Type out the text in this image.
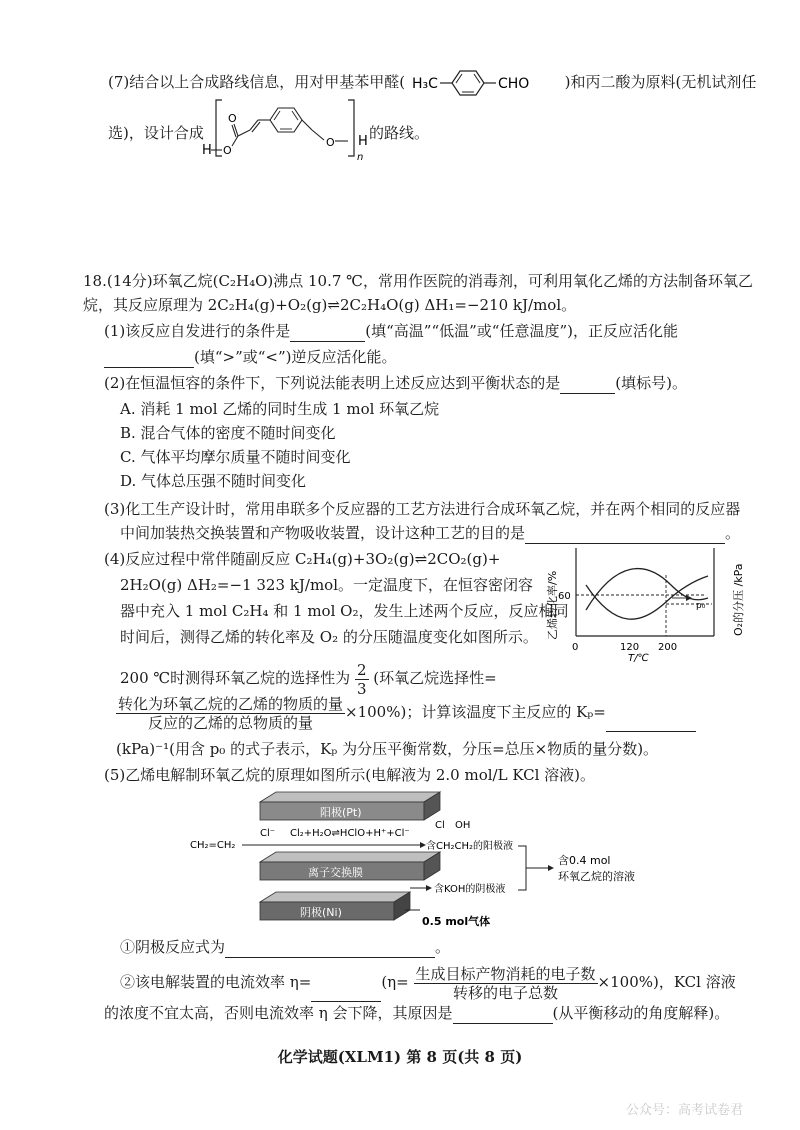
(7)结合以上合成路线信息，用对甲基苯甲醛( H₃C	CHO )和丙二酸为原料(无机试剂任
选)，设计合成
n
H O
O
O H 的路线。
18.(14分)环氧乙烷(C₂H₄O)沸点 10.7 ℃，常用作医院的消毒剂，可利用氧化乙烯的方法制备环氧乙
烷，其反应原理为 2C₂H₄(g)+O₂(g)⇌2C₂H₄O(g) ΔH₁=−210 kJ/mol。
(1)该反应自发进行的条件是	(填“高温”“低温”或“任意温度”)，正反应活化能
(填“>”或“<”)逆反应活化能。
(2)在恒温恒容的条件下，下列说法能表明上述反应达到平衡状态的是	(填标号)。
A. 消耗 1 mol 乙烯的同时生成 1 mol 环氧乙烷
B. 混合气体的密度不随时间变化
C. 气体平均摩尔质量不随时间变化
D. 气体总压强不随时间变化
(3)化工生产设计时，常用串联多个反应器的工艺方法进行合成环氧乙烷，并在两个相同的反应器
中间加装热交换装置和产物吸收装置，设计这种工艺的目的是	。
(4)反应过程中常伴随副反应 C₂H₄(g)+3O₂(g)⇌2CO₂(g)+
2H₂O(g) ΔH₂=−1 323 kJ/mol。一定温度下，在恒容密闭容
器中充入 1 mol C₂H₄ 和 1 mol O₂，发生上述两个反应，反应相同
时间后，测得乙烯的转化率及 O₂ 的分压随温度变化如图所示。
200 ℃时测得环氧乙烷的选择性为 $\frac{2}{3}$ (环氧乙烷选择性=
$\frac{\text{转化为环氧乙烷的乙烯的物质的量}}{\text{反应的乙烯的总物质的量}} \times 100\%$)；计算该温度下主反应的 Kₚ=
(kPa)⁻¹(用含 p₀ 的式子表示，Kₚ 为分压平衡常数，分压=总压×物质的量分数)。
乙烯转化率/%	O₂的分压 /kPa
60
p₀
0	120 200
T/℃
(5)乙烯电解制环氧乙烷的原理如图所示(电解液为 2.0 mol/L KCl 溶液)。
阳极(Pt)
Cl⁻ Cl₂+H₂O⇌HClO+H⁺+Cl⁻
Cl OH
CH₂=CH₂	含CH₂CH₂的阳极液
离子交换膜
含KOH的阴极液
阴极(Ni)
0.5 mol气体
含0.4 mol
环氧乙烷的溶液
①阴极反应式为	。
②该电解装置的电流效率 η=	$(\eta= \frac{\text{生成目标产物消耗的电子数}}{\text{转移的电子总数}} \times 100\%)$，KCl 溶液
的浓度不宜太高，否则电流效率 η 会下降，其原因是	(从平衡移动的角度解释)。
化学试题(XLM1) 第 8 页(共 8 页)
公众号：高考试卷君
